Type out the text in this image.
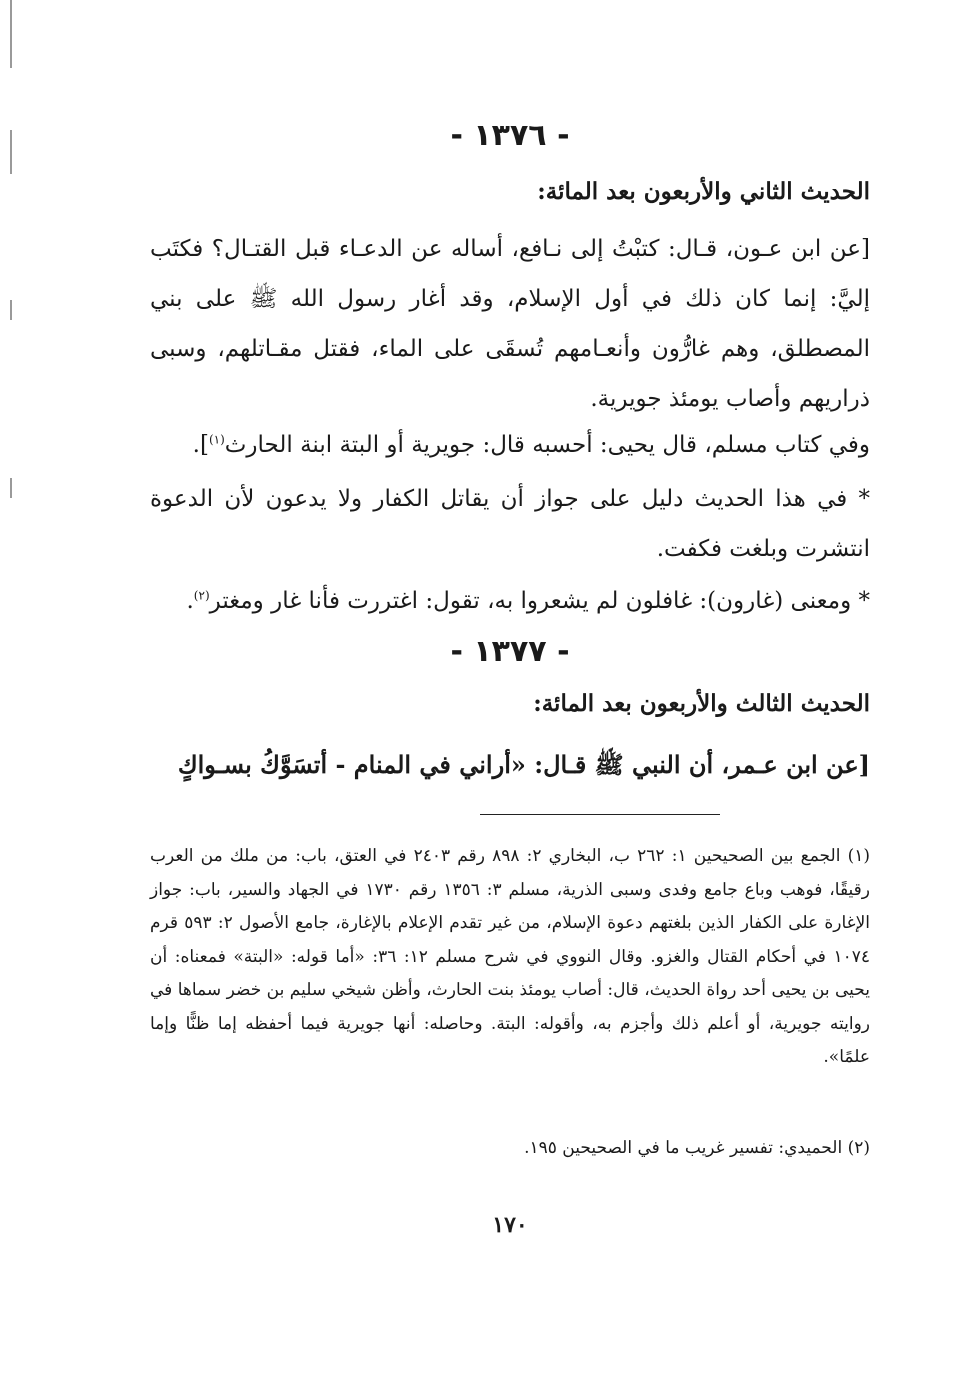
- ١٣٧٦ -
الحديث الثاني والأربعون بعد المائة:
[عن ابن عـون، قـال: كتبْتُ إلى نـافع، أساله عن الدعـاء قبل القتـال؟ فكتَب إليَّ: إنما كان ذلك في أول الإسلام، وقد أغار رسول الله ﷺ على بني المصطلق، وهم غارُّون وأنعـامهم تُسقَى على الماء، فقتل مقـاتلهم، وسبى ذراريهم وأصاب يومئذ جويرية.
وفي كتاب مسلم، قال يحيى: أحسبه قال: جويرية أو البتة ابنة الحارث$^{(١)}$].
* في هذا الحديث دليل على جواز أن يقاتل الكفار ولا يدعون لأن الدعوة انتشرت وبلغت فكفت.
* ومعنى (غارون): غافلون لم يشعروا به، تقول: اغتررت فأنا غار ومغتر$^{(٢)}$.
- ١٣٧٧ -
الحديث الثالث والأربعون بعد المائة:
[عن ابن عـمر، أن النبي ﷺ قـال: «أراني في المنام - أتسَوَّكُ بسـواكٍ
(١) الجمع بين الصحيحين ١: ٢٦٢ ب، البخاري ٢: ٨٩٨ رقم ٢٤٠٣ في العتق، باب: من ملك من العرب رقيقًا، فوهب وباع جامع وفدى وسبى الذرية، مسلم ٣: ١٣٥٦ رقم ١٧٣٠ في الجهاد والسير، باب: جواز الإغارة على الكفار الذين بلغتهم دعوة الإسلام، من غير تقدم الإعلام بالإغارة، جامع الأصول ٢: ٥٩٣ قرم ١٠٧٤ في أحكام القتال والغزو. وقال النووي في شرح مسلم ١٢: ٣٦: «أما قوله: «البتة» فمعناه: أن يحيى بن يحيى أحد رواة الحديث، قال: أصاب يومئذ بنت الحارث، وأظن شيخي سليم بن خضر سماها في روايته جويرية، أو أعلم ذلك وأجزم به، وأقوله: البتة. وحاصله: أنها جويرية فيما أحفظه إما ظنًّا وإما علمًا».
(٢) الحميدي: تفسير غريب ما في الصحيحين ١٩٥.
١٧٠
